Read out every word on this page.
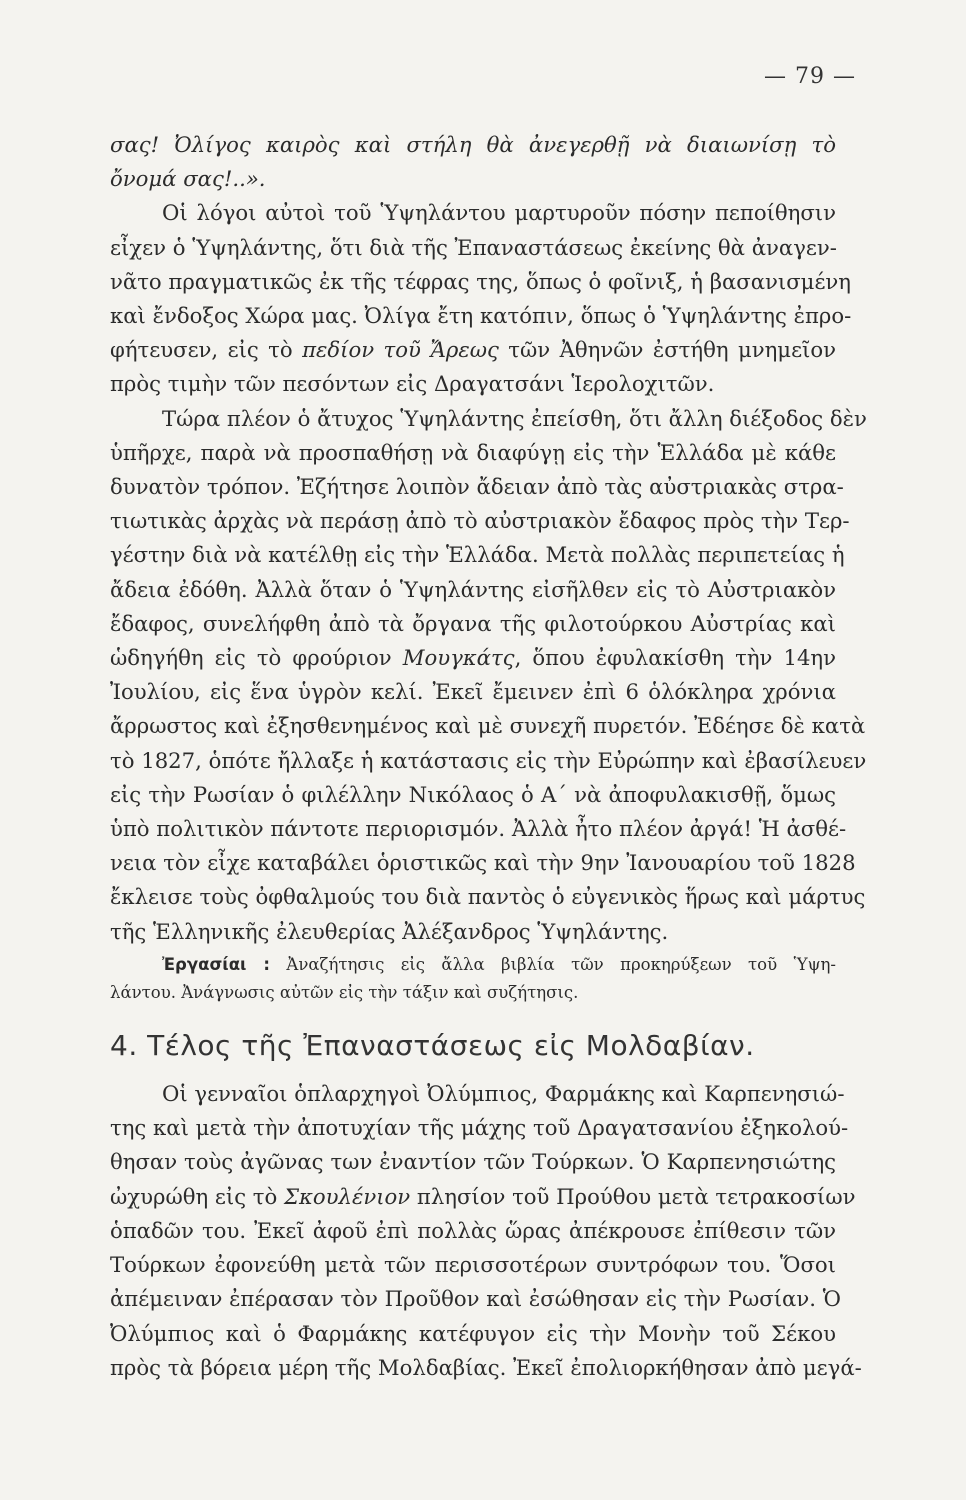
— 79 —
σας! Ὀλίγος καιρὸς καὶ στήλη θὰ ἀνεγερθῇ νὰ διαιωνίσῃ τὸ
ὄνομά σας!..».
Οἱ λόγοι αὐτοὶ τοῦ Ὑψηλάντου μαρτυροῦν πόσην πεποίθησιν
εἶχεν ὁ Ὑψηλάντης, ὅτι διὰ τῆς Ἐπαναστάσεως ἐκείνης θὰ ἀναγεν-
νᾶτο πραγματικῶς ἐκ τῆς τέφρας της, ὅπως ὁ φοῖνιξ, ἡ βασανισμένη
καὶ ἔνδοξος Χώρα μας. Ὀλίγα ἔτη κατόπιν, ὅπως ὁ Ὑψηλάντης ἐπρο-
φήτευσεν, εἰς τὸ πεδίον τοῦ Ἄρεως τῶν Ἀθηνῶν ἐστήθη μνημεῖον
πρὸς τιμὴν τῶν πεσόντων εἰς Δραγατσάνι Ἱερολοχιτῶν.
Τώρα πλέον ὁ ἄτυχος Ὑψηλάντης ἐπείσθη, ὅτι ἄλλη διέξοδος δὲν
ὑπῆρχε, παρὰ νὰ προσπαθήσῃ νὰ διαφύγῃ εἰς τὴν Ἑλλάδα μὲ κάθε
δυνατὸν τρόπον. Ἐζήτησε λοιπὸν ἄδειαν ἀπὸ τὰς αὐστριακὰς στρα-
τιωτικὰς ἀρχὰς νὰ περάσῃ ἀπὸ τὸ αὐστριακὸν ἔδαφος πρὸς τὴν Τερ-
γέστην διὰ νὰ κατέλθῃ εἰς τὴν Ἑλλάδα. Μετὰ πολλὰς περιπετείας ἡ
ἄδεια ἐδόθη. Ἀλλὰ ὅταν ὁ Ὑψηλάντης εἰσῆλθεν εἰς τὸ Αὐστριακὸν
ἔδαφος, συνελήφθη ἀπὸ τὰ ὄργανα τῆς φιλοτούρκου Αὐστρίας καὶ
ὡδηγήθη εἰς τὸ φρούριον Μουγκάτς, ὅπου ἐφυλακίσθη τὴν 14ην
Ἰουλίου, εἰς ἕνα ὑγρὸν κελί. Ἐκεῖ ἔμεινεν ἐπὶ 6 ὁλόκληρα χρόνια
ἄρρωστος καὶ ἐξησθενημένος καὶ μὲ συνεχῆ πυρετόν. Ἐδέησε δὲ κατὰ
τὸ 1827, ὁπότε ἤλλαξε ἡ κατάστασις εἰς τὴν Εὐρώπην καὶ ἐβασίλευεν
εἰς τὴν Ρωσίαν ὁ φιλέλλην Νικόλαος ὁ Α΄ νὰ ἀποφυλακισθῇ, ὅμως
ὑπὸ πολιτικὸν πάντοτε περιορισμόν. Ἀλλὰ ἦτο πλέον ἀργά! Ἡ ἀσθέ-
νεια τὸν εἶχε καταβάλει ὁριστικῶς καὶ τὴν 9ην Ἰανουαρίου τοῦ 1828
ἔκλεισε τοὺς ὀφθαλμούς του διὰ παντὸς ὁ εὐγενικὸς ἥρως καὶ μάρτυς
τῆς Ἑλληνικῆς ἐλευθερίας Ἀλέξανδρος Ὑψηλάντης.
Ἐργασίαι : Ἀναζήτησις εἰς ἄλλα βιβλία τῶν προκηρύξεων τοῦ Ὑψη-
λάντου. Ἀνάγνωσις αὐτῶν εἰς τὴν τάξιν καὶ συζήτησις.
4. Τέλος τῆς Ἐπαναστάσεως εἰς Μολδαβίαν.
Οἱ γενναῖοι ὁπλαρχηγοὶ Ὀλύμπιος, Φαρμάκης καὶ Καρπενησιώ-
της καὶ μετὰ τὴν ἀποτυχίαν τῆς μάχης τοῦ Δραγατσανίου ἐξηκολού-
θησαν τοὺς ἀγῶνας των ἐναντίον τῶν Τούρκων. Ὁ Καρπενησιώτης
ὠχυρώθη εἰς τὸ Σκουλένιον πλησίον τοῦ Προύθου μετὰ τετρακοσίων
ὁπαδῶν του. Ἐκεῖ ἀφοῦ ἐπὶ πολλὰς ὥρας ἀπέκρουσε ἐπίθεσιν τῶν
Τούρκων ἐφονεύθη μετὰ τῶν περισσοτέρων συντρόφων του. Ὅσοι
ἀπέμειναν ἐπέρασαν τὸν Προῦθον καὶ ἐσώθησαν εἰς τὴν Ρωσίαν. Ὁ
Ὀλύμπιος καὶ ὁ Φαρμάκης κατέφυγον εἰς τὴν Μονὴν τοῦ Σέκου
πρὸς τὰ βόρεια μέρη τῆς Μολδαβίας. Ἐκεῖ ἐπολιορκήθησαν ἀπὸ μεγά-
